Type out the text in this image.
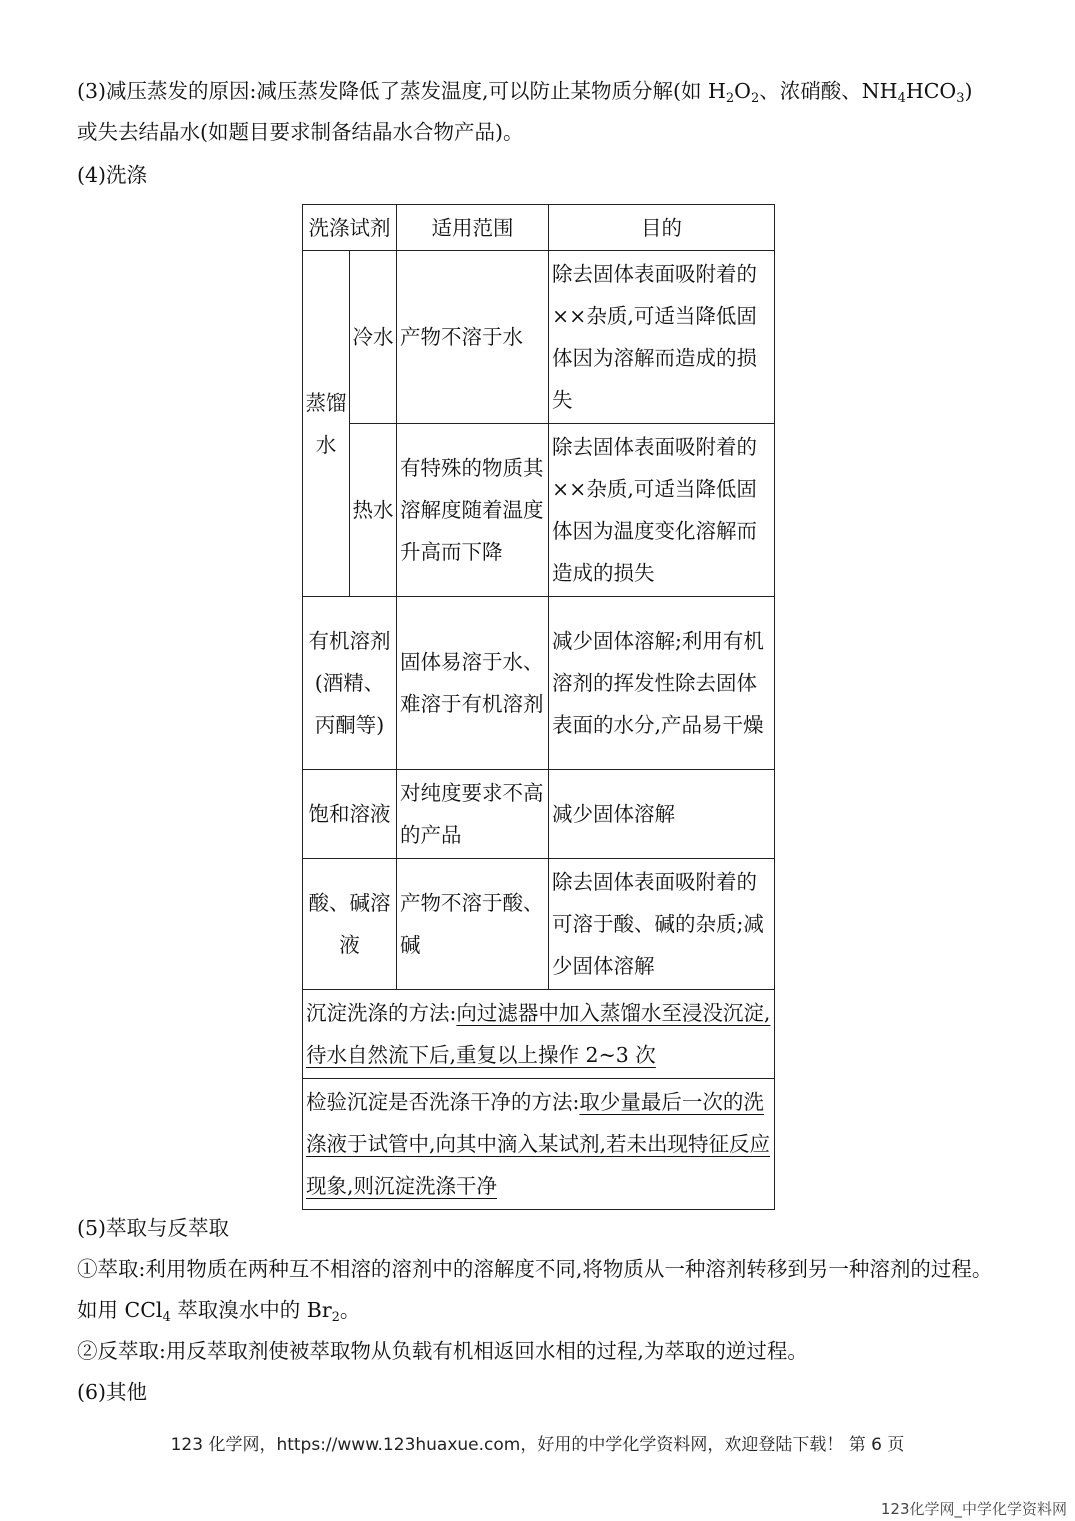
(3)减压蒸发的原因:减压蒸发降低了蒸发温度,可以防止某物质分解(如 $H_2O_2$、浓硝酸、$NH_4HCO_3$)
或失去结晶水(如题目要求制备结晶水合物产品)。
(4)洗涤
洗涤试剂		适用范围	目的
蒸馏水	冷水	产物不溶于水	除去固体表面吸附着的××杂质,可适当降低固体因为溶解而造成的损失
	热水	有特殊的物质其溶解度随着温度升高而下降	除去固体表面吸附着的××杂质,可适当降低固体因为温度变化溶解而造成的损失
有机溶剂(酒精、丙酮等)		固体易溶于水、难溶于有机溶剂	减少固体溶解;利用有机溶剂的挥发性除去固体表面的水分,产品易干燥
饱和溶液		对纯度要求不高的产品	减少固体溶解
酸、碱溶液		产物不溶于酸、碱	除去固体表面吸附着的可溶于酸、碱的杂质;减少固体溶解
沉淀洗涤的方法:向过滤器中加入蒸馏水至浸没沉淀,待水自然流下后,重复以上操作 2~3 次			
检验沉淀是否洗涤干净的方法:取少量最后一次的洗涤液于试管中,向其中滴入某试剂,若未出现特征反应现象,则沉淀洗涤干净			
(5)萃取与反萃取
①萃取:利用物质在两种互不相溶的溶剂中的溶解度不同,将物质从一种溶剂转移到另一种溶剂的过程。如用 CCl$_4$ 萃取溴水中的 $Br_2$。
②反萃取:用反萃取剂使被萃取物从负载有机相返回水相的过程,为萃取的逆过程。
(6)其他
123 化学网，https://www.123huaxue.com，好用的中学化学资料网，欢迎登陆下载！ 第 6 页
123化学网_中学化学资料网
